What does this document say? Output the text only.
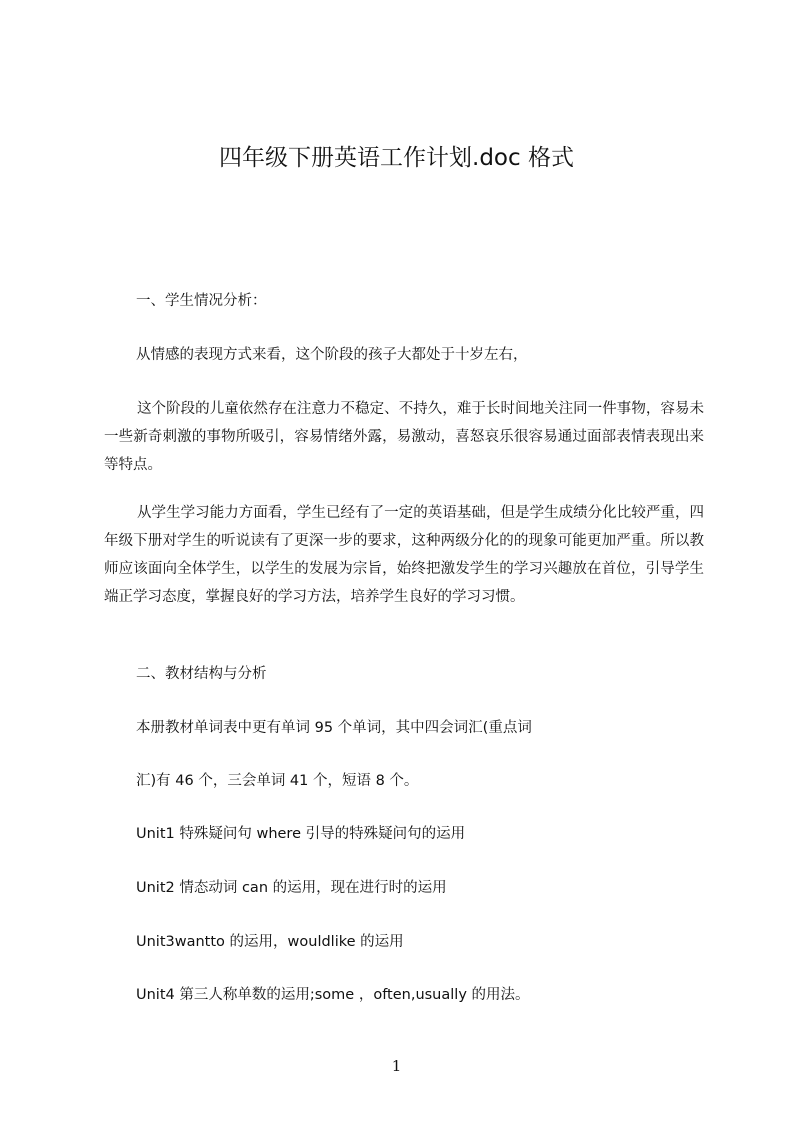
四年级下册英语工作计划.doc 格式
一、学生情况分析：
从情感的表现方式来看，这个阶段的孩子大都处于十岁左右，
这个阶段的儿童依然存在注意力不稳定、不持久，难于长时间地关注同一件事物，容易未一些新奇刺激的事物所吸引，容易情绪外露，易激动，喜怒哀乐很容易通过面部表情表现出来等特点。
从学生学习能力方面看，学生已经有了一定的英语基础，但是学生成绩分化比较严重，四年级下册对学生的听说读有了更深一步的要求，这种两级分化的的现象可能更加严重。所以教师应该面向全体学生，以学生的发展为宗旨，始终把激发学生的学习兴趣放在首位，引导学生端正学习态度，掌握良好的学习方法，培养学生良好的学习习惯。
二、教材结构与分析
本册教材单词表中更有单词 95 个单词，其中四会词汇(重点词
汇)有 46 个，三会单词 41 个，短语 8 个。
Unit1 特殊疑问句 where 引导的特殊疑问句的运用
Unit2 情态动词 can 的运用，现在进行时的运用
Unit3wantto 的运用，wouldlike 的运用
Unit4 第三人称单数的运用;some ，often,usually 的用法。
1
